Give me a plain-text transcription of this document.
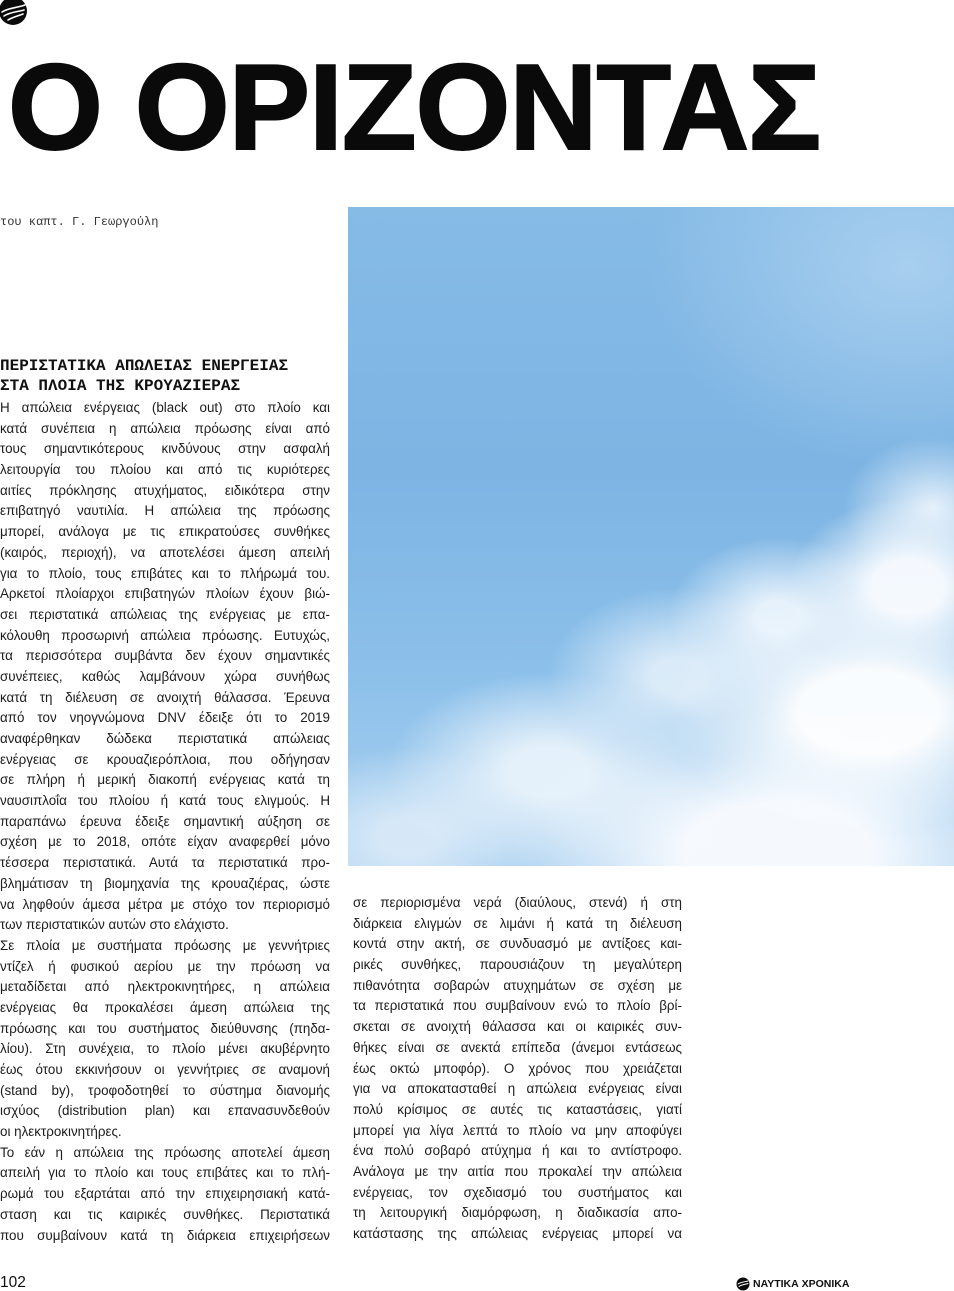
Ο ΟΡΙΖΟΝΤΑΣ
του καπτ. Γ. Γεωργούλη
ΠΕΡΙΣΤΑΤΙΚΑ ΑΠΩΛΕΙΑΣ ΕΝΕΡΓΕΙΑΣ
ΣΤΑ ΠΛΟΙΑ ΤΗΣ ΚΡΟΥΑΖΙΕΡΑΣ
Η απώλεια ενέργειας (black out) στο πλοίο και
κατά συνέπεια η απώλεια πρόωσης είναι από
τους σημαντικότερους κινδύνους στην ασφαλή
λειτουργία του πλοίου και από τις κυριότερες
αιτίες πρόκλησης ατυχήματος, ειδικότερα στην
επιβατηγό ναυτιλία. Η απώλεια της πρόωσης
μπορεί, ανάλογα με τις επικρατούσες συνθήκες
(καιρός, περιοχή), να αποτελέσει άμεση απειλή
για το πλοίο, τους επιβάτες και το πλήρωμά του.
Αρκετοί πλοίαρχοι επιβατηγών πλοίων έχουν βιώ-
σει περιστατικά απώλειας της ενέργειας με επα-
κόλουθη προσωρινή απώλεια πρόωσης. Ευτυχώς,
τα περισσότερα συμβάντα δεν έχουν σημαντικές
συνέπειες, καθώς λαμβάνουν χώρα συνήθως
κατά τη διέλευση σε ανοιχτή θάλασσα. Έρευνα
από τον νηογνώμονα DNV έδειξε ότι το 2019
αναφέρθηκαν δώδεκα περιστατικά απώλειας
ενέργειας σε κρουαζιερόπλοια, που οδήγησαν
σε πλήρη ή μερική διακοπή ενέργειας κατά τη
ναυσιπλοΐα του πλοίου ή κατά τους ελιγμούς. Η
παραπάνω έρευνα έδειξε σημαντική αύξηση σε
σχέση με το 2018, οπότε είχαν αναφερθεί μόνο
τέσσερα περιστατικά. Αυτά τα περιστατικά προ-
βλημάτισαν τη βιομηχανία της κρουαζιέρας, ώστε
να ληφθούν άμεσα μέτρα με στόχο τον περιορισμό
των περιστατικών αυτών στο ελάχιστο.
Σε πλοία με συστήματα πρόωσης με γεννήτριες
ντίζελ ή φυσικού αερίου με την πρόωση να
μεταδίδεται από ηλεκτροκινητήρες, η απώλεια
ενέργειας θα προκαλέσει άμεση απώλεια της
πρόωσης και του συστήματος διεύθυνσης (πηδα-
λίου). Στη συνέχεια, το πλοίο μένει ακυβέρνητο
έως ότου εκκινήσουν οι γεννήτριες σε αναμονή
(stand by), τροφοδοτηθεί το σύστημα διανομής
ισχύος (distribution plan) και επανασυνδεθούν
οι ηλεκτροκινητήρες.
Το εάν η απώλεια της πρόωσης αποτελεί άμεση
απειλή για το πλοίο και τους επιβάτες και το πλή-
ρωμά του εξαρτάται από την επιχειρησιακή κατά-
σταση και τις καιρικές συνθήκες. Περιστατικά
που συμβαίνουν κατά τη διάρκεια επιχειρήσεων
σε περιορισμένα νερά (διαύλους, στενά) ή στη
διάρκεια ελιγμών σε λιμάνι ή κατά τη διέλευση
κοντά στην ακτή, σε συνδυασμό με αντίξοες και-
ρικές συνθήκες, παρουσιάζουν τη μεγαλύτερη
πιθανότητα σοβαρών ατυχημάτων σε σχέση με
τα περιστατικά που συμβαίνουν ενώ το πλοίο βρί-
σκεται σε ανοιχτή θάλασσα και οι καιρικές συν-
θήκες είναι σε ανεκτά επίπεδα (άνεμοι εντάσεως
έως οκτώ μποφόρ). Ο χρόνος που χρειάζεται
για να αποκατασταθεί η απώλεια ενέργειας είναι
πολύ κρίσιμος σε αυτές τις καταστάσεις, γιατί
μπορεί για λίγα λεπτά το πλοίο να μην αποφύγει
ένα πολύ σοβαρό ατύχημα ή και το αντίστροφο.
Ανάλογα με την αιτία που προκαλεί την απώλεια
ενέργειας, τον σχεδιασμό του συστήματος και
τη λειτουργική διαμόρφωση, η διαδικασία απο-
κατάστασης της απώλειας ενέργειας μπορεί να
102	ΝΑΥΤΙΚΑ ΧΡΟΝΙΚΑ
